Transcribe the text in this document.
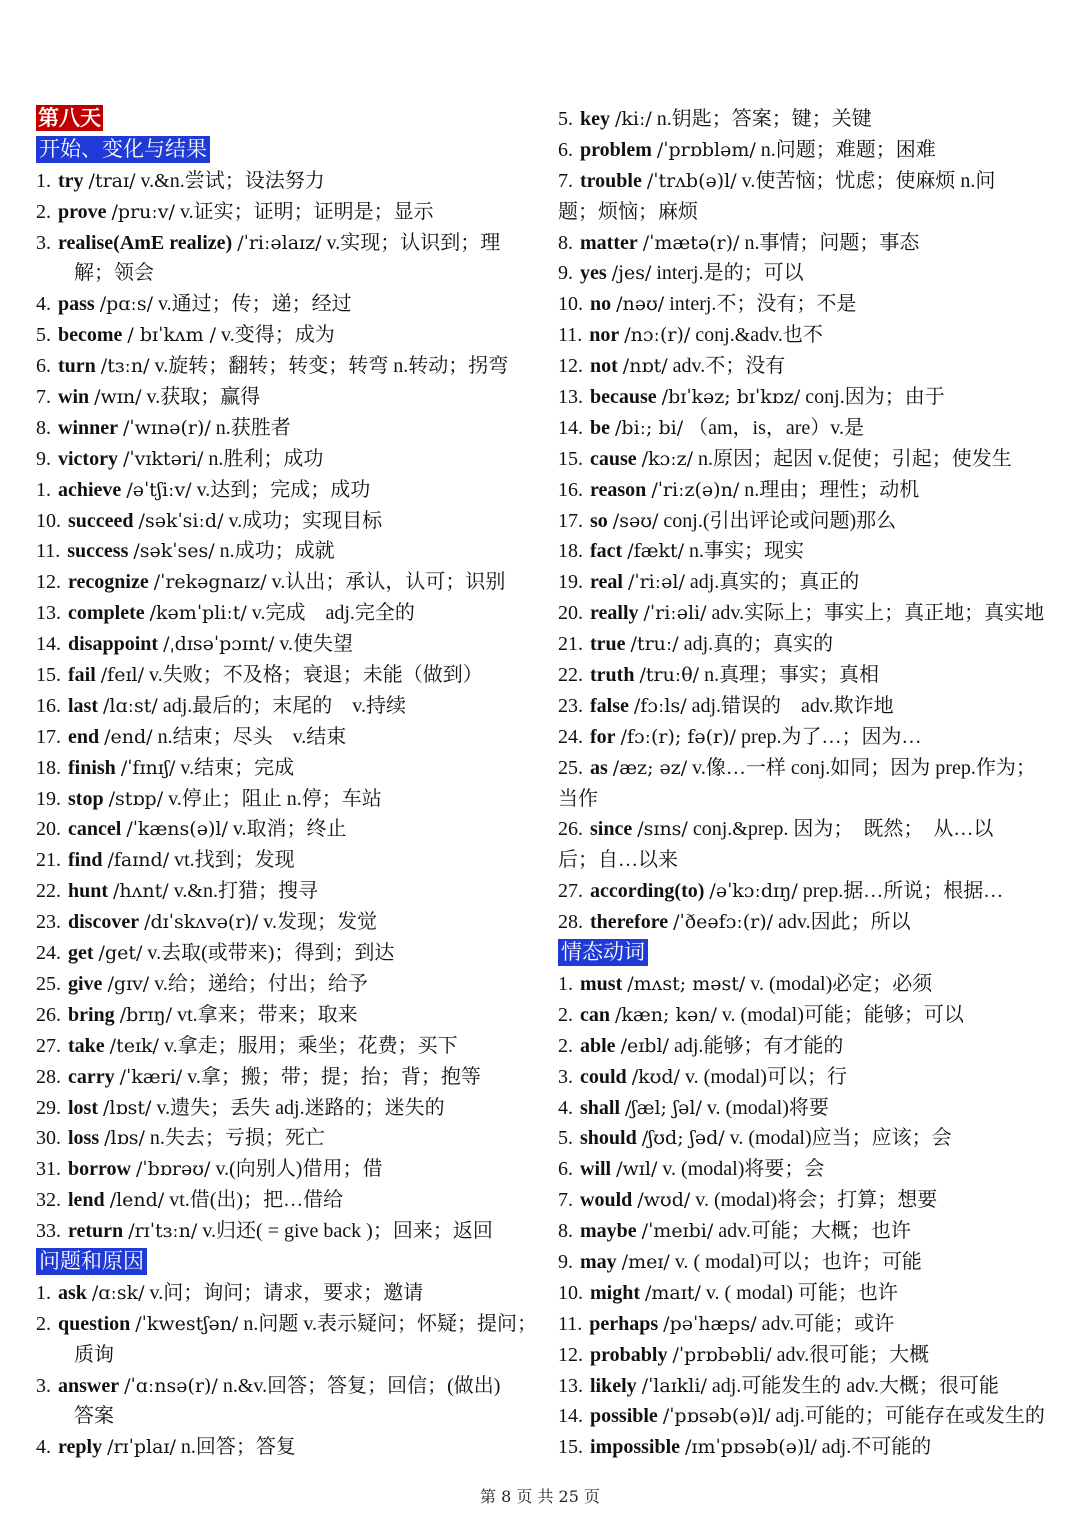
第八天
开始、变化与结果
1. try /traɪ/ v.&n.尝试；设法努力
2. prove /pruːv/ v.证实；证明；证明是；显示
3. realise(AmE realize) /ˈriːəlaɪz/ v.实现；认识到；理
解；领会
4. pass /pɑːs/ v.通过；传；递；经过
5. become / bɪˈkʌm / v.变得；成为
6. turn /tɜːn/ v.旋转；翻转；转变；转弯 n.转动；拐弯
7. win /wɪn/ v.获取；赢得
8. winner /ˈwɪnə(r)/ n.获胜者
9. victory /ˈvɪktəri/ n.胜利；成功
1. achieve /əˈtʃiːv/ v.达到；完成；成功
10. succeed /səkˈsiːd/ v.成功；实现目标
11. success /səkˈses/ n.成功；成就
12. recognize /ˈrekəgnaɪz/ v.认出；承认，认可；识别
13. complete /kəmˈpliːt/ v.完成　adj.完全的
14. disappoint /ˌdɪsəˈpɔɪnt/ v.使失望
15. fail /feɪl/ v.失败；不及格；衰退；未能（做到）
16. last /lɑːst/ adj.最后的；末尾的　v.持续
17. end /end/ n.结束；尽头　v.结束
18. finish /ˈfɪnɪʃ/ v.结束；完成
19. stop /stɒp/ v.停止；阻止 n.停；车站
20. cancel /ˈkæns(ə)l/ v.取消；终止
21. find /faɪnd/ vt.找到；发现
22. hunt /hʌnt/ v.&n.打猎；搜寻
23. discover /dɪˈskʌvə(r)/ v.发现；发觉
24. get /get/ v.去取(或带来)；得到；到达
25. give /gɪv/ v.给；递给；付出；给予
26. bring /brɪŋ/ vt.拿来；带来；取来
27. take /teɪk/ v.拿走；服用；乘坐；花费；买下
28. carry /ˈkæri/ v.拿；搬；带；提；抬；背；抱等
29. lost /lɒst/ v.遗失；丢失 adj.迷路的；迷失的
30. loss /lɒs/ n.失去；亏损；死亡
31. borrow /ˈbɒrəʊ/ v.(向别人)借用；借
32. lend /lend/ vt.借(出)；把…借给
33. return /rɪˈtɜːn/ v.归还( = give back )；回来；返回
问题和原因
1. ask /ɑːsk/ v.问；询问；请求，要求；邀请
2. question /ˈkwestʃən/ n.问题 v.表示疑问；怀疑；提问；
质询
3. answer /ˈɑːnsə(r)/ n.&v.回答；答复；回信；(做出)
答案
4. reply /rɪˈplaɪ/ n.回答；答复
5. key /kiː/ n.钥匙；答案；键；关键
6. problem /ˈprɒbləm/ n.问题；难题；困难
7. trouble /ˈtrʌb(ə)l/ v.使苦恼；忧虑；使麻烦 n.问
题；烦恼；麻烦
8. matter /ˈmætə(r)/ n.事情；问题；事态
9. yes /jes/ interj.是的；可以
10. no /nəʊ/ interj.不；没有；不是
11. nor /nɔː(r)/ conj.&adv.也不
12. not /nɒt/ adv.不；没有
13. because /bɪˈkəz; bɪˈkɒz/ conj.因为；由于
14. be /biː; bi/ （am，is，are）v.是
15. cause /kɔːz/ n.原因；起因 v.促使；引起；使发生
16. reason /ˈriːz(ə)n/ n.理由；理性；动机
17. so /səʊ/ conj.(引出评论或问题)那么
18. fact /fækt/ n.事实；现实
19. real /ˈriːəl/ adj.真实的；真正的
20. really /ˈriːəli/ adv.实际上；事实上；真正地；真实地
21. true /truː/ adj.真的；真实的
22. truth /truːθ/ n.真理；事实；真相
23. false /fɔːls/ adj.错误的　adv.欺诈地
24. for /fɔː(r); fə(r)/ prep.为了…；因为…
25. as /æz; əz/ v.像…一样 conj.如同；因为 prep.作为；
当作
26. since /sɪns/ conj.&prep. 因为；　既然；　从…以
后；自…以来
27. according(to) /əˈkɔːdɪŋ/ prep.据…所说；根据…
28. therefore /ˈðeəfɔː(r)/ adv.因此；所以
情态动词
1. must /mʌst; məst/ v. (modal)必定；必须
2. can /kæn; kən/ v. (modal)可能；能够；可以
2. able /eɪbl/ adj.能够；有才能的
3. could /kʊd/ v. (modal)可以；行
4. shall /ʃæl; ʃəl/ v. (modal)将要
5. should /ʃʊd; ʃəd/ v. (modal)应当；应该；会
6. will /wɪl/ v. (modal)将要；会
7. would /wʊd/ v. (modal)将会；打算；想要
8. maybe /ˈmeɪbi/ adv.可能；大概；也许
9. may /meɪ/ v. ( modal)可以；也许；可能
10. might /maɪt/ v. ( modal) 可能；也许
11. perhaps /pəˈhæps/ adv.可能；或许
12. probably /ˈprɒbəbli/ adv.很可能；大概
13. likely /ˈlaɪkli/ adj.可能发生的 adv.大概；很可能
14. possible /ˈpɒsəb(ə)l/ adj.可能的；可能存在或发生的
15. impossible /ɪmˈpɒsəb(ə)l/ adj.不可能的
第 8 页 共 25 页
